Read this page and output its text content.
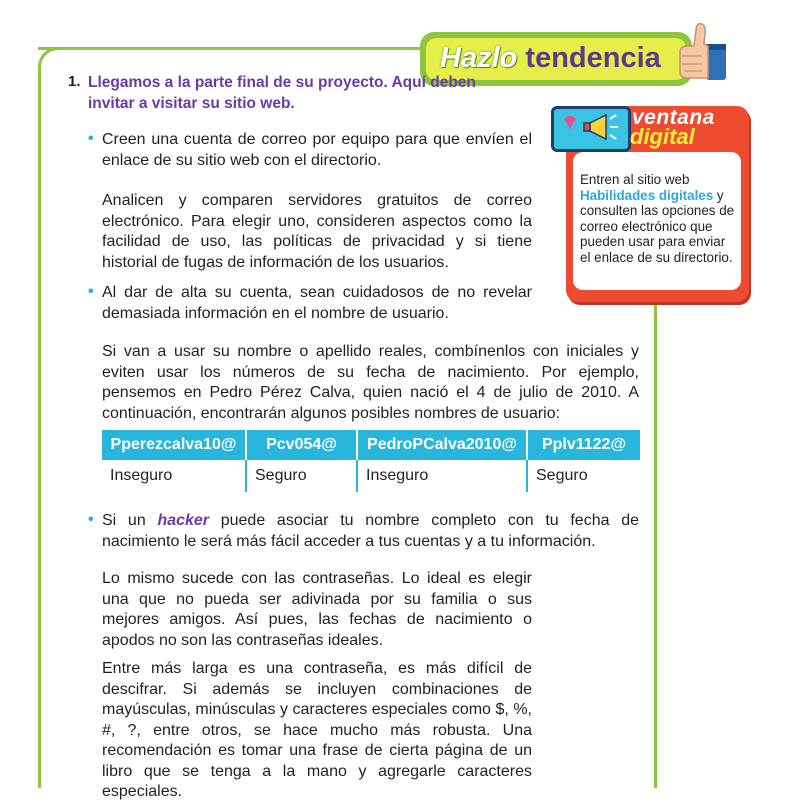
Hazlo tendencia
1. Llegamos a la parte final de su proyecto. Aquí deben invitar a visitar su sitio web.
• Creen una cuenta de correo por equipo para que envíen el enlace de su sitio web con el directorio.
Analicen y comparen servidores gratuitos de correo electrónico. Para elegir uno, consideren aspectos como la facilidad de uso, las políticas de privacidad y si tiene historial de fugas de información de los usuarios.
• Al dar de alta su cuenta, sean cuidadosos de no revelar demasiada información en el nombre de usuario.
Si van a usar su nombre o apellido reales, combínenlos con iniciales y eviten usar los números de su fecha de nacimiento. Por ejemplo, pensemos en Pedro Pérez Calva, quien nació el 4 de julio de 2010. A continuación, encontrarán algunos posibles nombres de usuario:
Pperezcalva10@	Pcv054@	PedroPCalva2010@	Pplv1122@
Inseguro	Seguro	Inseguro	Seguro
• Si un hacker puede asociar tu nombre completo con tu fecha de nacimiento le será más fácil acceder a tus cuentas y a tu información.
Lo mismo sucede con las contraseñas. Lo ideal es elegir una que no pueda ser adivinada por su familia o sus mejores amigos. Así pues, las fechas de nacimiento o apodos no son las contraseñas ideales.
Entre más larga es una contraseña, es más difícil de descifrar. Si además se incluyen combinaciones de mayúsculas, minúsculas y caracteres especiales como $, %, #, ?, entre otros, se hace mucho más robusta. Una recomendación es tomar una frase de cierta página de un libro que se tenga a la mano y agregarle caracteres especiales.
ventana
digital
Entren al sitio web Habilidades digitales y consulten las opciones de correo electrónico que pueden usar para enviar el enlace de su directorio.
